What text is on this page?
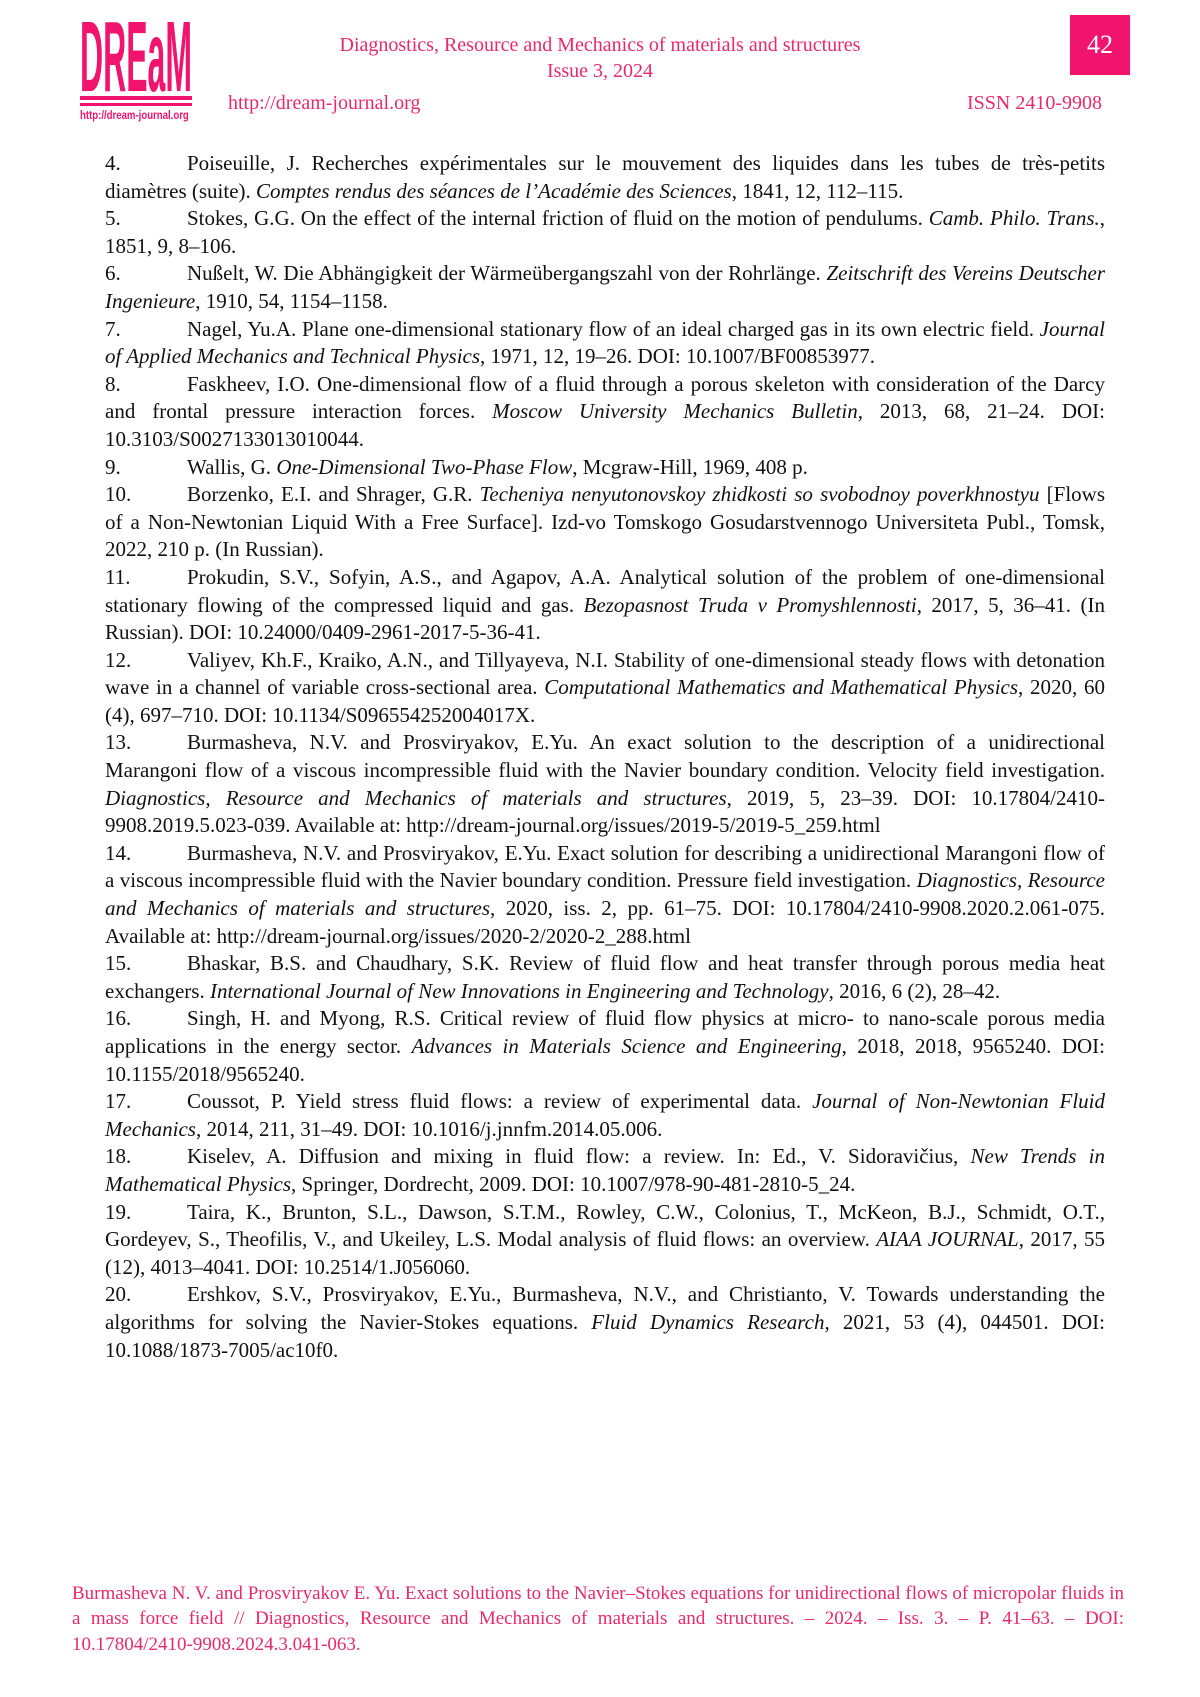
DREaM
http://dream-journal.org
Diagnostics, Resource and Mechanics of materials and structures
Issue 3, 2024
http://dream-journal.org	ISSN 2410-9908
42

4.	Poiseuille, J. Recherches expérimentales sur le mouvement des liquides dans les tubes de très-petits diamètres (suite). Comptes rendus des séances de l’Académie des Sciences, 1841, 12, 112–115.

5.	Stokes, G.G. On the effect of the internal friction of fluid on the motion of pendulums. Camb. Philo. Trans., 1851, 9, 8–106.

6.	Nußelt, W. Die Abhängigkeit der Wärmeübergangszahl von der Rohrlänge. Zeitschrift des Vereins Deutscher Ingenieure, 1910, 54, 1154–1158.

7.	Nagel, Yu.A. Plane one-dimensional stationary flow of an ideal charged gas in its own electric field. Journal of Applied Mechanics and Technical Physics, 1971, 12, 19–26. DOI: 10.1007/BF00853977.

8.	Faskheev, I.O. One-dimensional flow of a fluid through a porous skeleton with consideration of the Darcy and frontal pressure interaction forces. Moscow University Mechanics Bulletin, 2013, 68, 21–24. DOI: 10.3103/S0027133013010044.

9.	Wallis, G. One-Dimensional Two-Phase Flow, Mcgraw-Hill, 1969, 408 p.

10.	Borzenko, E.I. and Shrager, G.R. Techeniya nenyutonovskoy zhidkosti so svobodnoy poverkhnostyu [Flows of a Non-Newtonian Liquid With a Free Surface]. Izd-vo Tomskogo Gosudarstvennogo Universiteta Publ., Tomsk, 2022, 210 p. (In Russian).

11.	Prokudin, S.V., Sofyin, A.S., and Agapov, A.A. Analytical solution of the problem of one-dimensional stationary flowing of the compressed liquid and gas. Bezopasnost Truda v Promyshlennosti, 2017, 5, 36–41. (In Russian). DOI: 10.24000/0409-2961-2017-5-36-41.

12.	Valiyev, Kh.F., Kraiko, A.N., and Tillyayeva, N.I. Stability of one-dimensional steady flows with detonation wave in a channel of variable cross-sectional area. Computational Mathematics and Mathematical Physics, 2020, 60 (4), 697–710. DOI: 10.1134/S096554252004017X.

13.	Burmasheva, N.V. and Prosviryakov, E.Yu. An exact solution to the description of a unidirectional Marangoni flow of a viscous incompressible fluid with the Navier boundary condition. Velocity field investigation. Diagnostics, Resource and Mechanics of materials and structures, 2019, 5, 23–39. DOI: 10.17804/2410-9908.2019.5.023-039. Available at: http://dream-journal.org/issues/2019-5/2019-5_259.html

14.	Burmasheva, N.V. and Prosviryakov, E.Yu. Exact solution for describing a unidirectional Marangoni flow of a viscous incompressible fluid with the Navier boundary condition. Pressure field investigation. Diagnostics, Resource and Mechanics of materials and structures, 2020, iss. 2, pp. 61–75. DOI: 10.17804/2410-9908.2020.2.061-075. Available at: http://dream-journal.org/issues/2020-2/2020-2_288.html

15.	Bhaskar, B.S. and Chaudhary, S.K. Review of fluid flow and heat transfer through porous media heat exchangers. International Journal of New Innovations in Engineering and Technology, 2016, 6 (2), 28–42.

16.	Singh, H. and Myong, R.S. Critical review of fluid flow physics at micro- to nano-scale porous media applications in the energy sector. Advances in Materials Science and Engineering, 2018, 2018, 9565240. DOI: 10.1155/2018/9565240.

17.	Coussot, P. Yield stress fluid flows: a review of experimental data. Journal of Non-Newtonian Fluid Mechanics, 2014, 211, 31–49. DOI: 10.1016/j.jnnfm.2014.05.006.

18.	Kiselev, A. Diffusion and mixing in fluid flow: a review. In: Ed., V. Sidoravičius, New Trends in Mathematical Physics, Springer, Dordrecht, 2009. DOI: 10.1007/978-90-481-2810-5_24.

19.	Taira, K., Brunton, S.L., Dawson, S.T.M., Rowley, C.W., Colonius, T., McKeon, B.J., Schmidt, O.T., Gordeyev, S., Theofilis, V., and Ukeiley, L.S. Modal analysis of fluid flows: an overview. AIAA JOURNAL, 2017, 55 (12), 4013–4041. DOI: 10.2514/1.J056060.

20.	Ershkov, S.V., Prosviryakov, E.Yu., Burmasheva, N.V., and Christianto, V. Towards understanding the algorithms for solving the Navier-Stokes equations. Fluid Dynamics Research, 2021, 53 (4), 044501. DOI: 10.1088/1873-7005/ac10f0.

Burmasheva N. V. and Prosviryakov E. Yu. Exact solutions to the Navier–Stokes equations for unidirectional flows of micropolar fluids in a mass force field // Diagnostics, Resource and Mechanics of materials and structures. – 2024. – Iss. 3. – P. 41–63. – DOI: 10.17804/2410-9908.2024.3.041-063.
